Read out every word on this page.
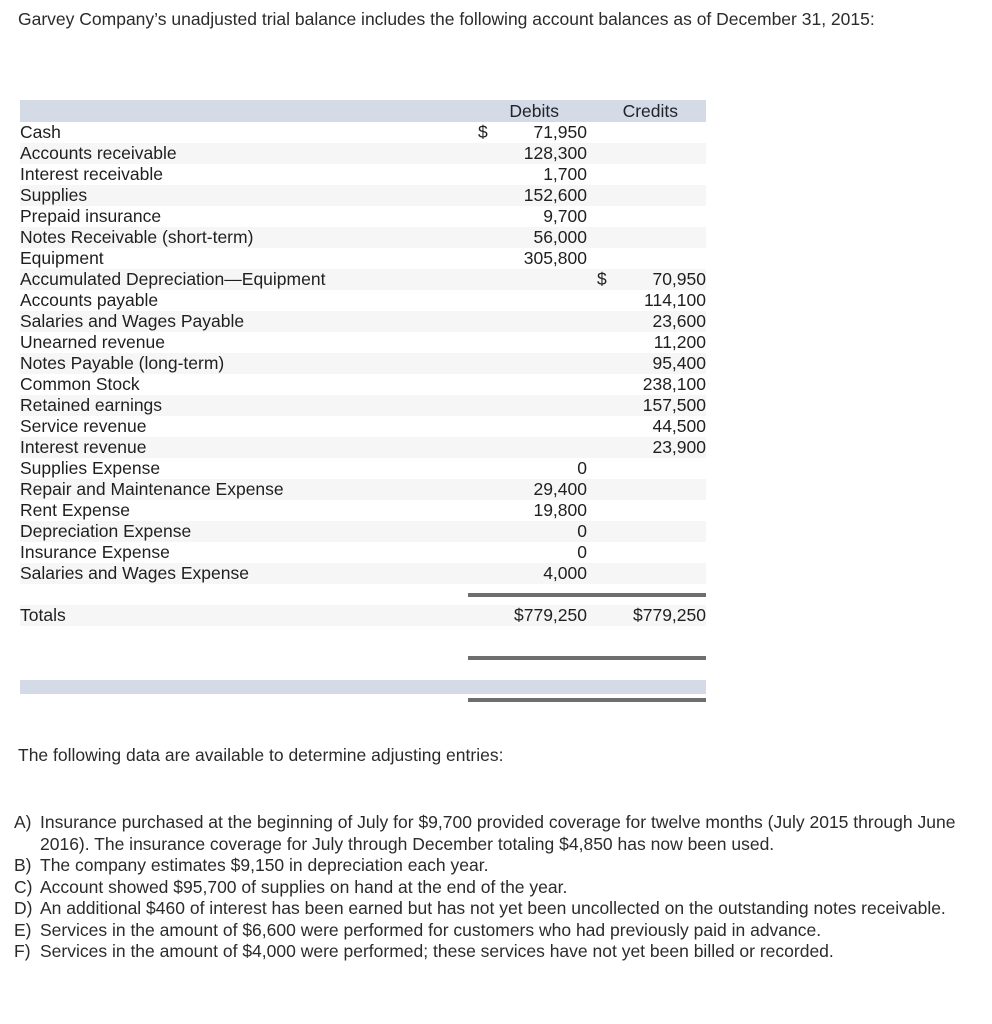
Garvey Company’s unadjusted trial balance includes the following account balances as of December 31, 2015:
	Debits	Credits
Cash	$ 71,950	
Accounts receivable	128,300	
Interest receivable	1,700	
Supplies	152,600	
Prepaid insurance	9,700	
Notes Receivable (short-term)	56,000	
Equipment	305,800	
Accumulated Depreciation—Equipment		$ 70,950
Accounts payable		114,100
Salaries and Wages Payable		23,600
Unearned revenue		11,200
Notes Payable (long-term)		95,400
Common Stock		238,100
Retained earnings		157,500
Service revenue		44,500
Interest revenue		23,900
Supplies Expense	0	
Repair and Maintenance Expense	29,400	
Rent Expense	19,800	
Depreciation Expense	0	
Insurance Expense	0	
Salaries and Wages Expense	4,000	

Totals	$779,250	$779,250

The following data are available to determine adjusting entries:
A) Insurance purchased at the beginning of July for $9,700 provided coverage for twelve months (July 2015 through June 2016). The insurance coverage for July through December totaling $4,850 has now been used.
B) The company estimates $9,150 in depreciation each year.
C) Account showed $95,700 of supplies on hand at the end of the year.
D) An additional $460 of interest has been earned but has not yet been uncollected on the outstanding notes receivable.
E) Services in the amount of $6,600 were performed for customers who had previously paid in advance.
F) Services in the amount of $4,000 were performed; these services have not yet been billed or recorded.
